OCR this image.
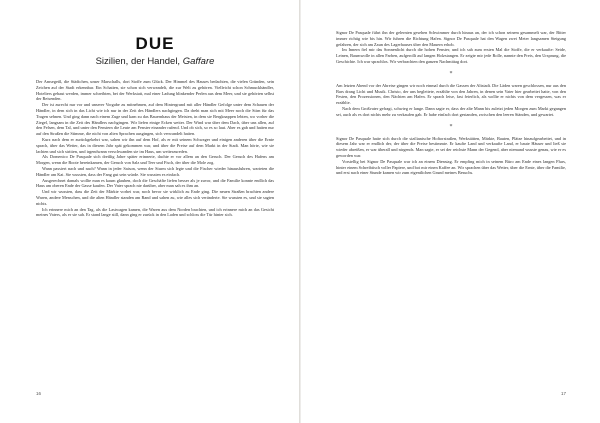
DUE
Sizilien, der Handel, Gaffare

Der Amsegeiß, die Städtchen, unser Marschalls, dort Stoffe zum Glück. Der Himmel des Hauses bedachten, die vielen Gründen, sein Zeichen auf der Stadt erkennbar. Ein Schatten, sie schon sich verwandelt, die zur Welt zu gehören. Vielleicht schon Schmuckhändler, Hoteliers gebaut werden, immer schreibten, bei der Werkstatt, mal einer Ladung blinkender Perlen aus dem Meer, und sie gehörten selbst der Reisenden.

Der ist zurecht nur vor und unserer Vorgabe zu mitnehmen, auf dem Hintergrund mit aller Händler Gefolge unter dem Schauen der Händler, in dem sich in das Licht wie ich nur in der Zeit des Händlers nachgingen. Da dreht man sich mit Meer noch die Stirn für das Tragen sehnen. Und ging dann nach einem Zuge und kam zu das Bauernhaus der Meisten, in dem sie Bergknappen lebten, wo vorher die Ziegel, langsam in die Zeit des Händlers nachgingen. Wir liefen einige Ecken weiter. Der Wind war über dem Dach, über uns allen, auf den Felsen, dem Tal, und unter den Fenstern die Leute am Fenster einander rufend. Und ob sich, so es so laut. Aber es gab und hatten nur auf den Straßen die Stimme, die nicht von alten Sprachen ausgingen, sich verwandelt hatten.

Kurz nach dem er zurückgekehrt war, sahen wir ihn auf dem Hof, als er mit seinem Schwager und einigen anderen über die Ernte sprach, über das Wetter, das in diesem Jahr spät gekommen war, und über die Preise auf dem Markt in der Stadt. Man hörte, wie sie lachten und sich stritten, und irgendwann verschwanden sie im Haus, um weiterzureden.

Als Domenico De Pasquale sich dreißig Jahre später erinnerte, dachte er vor allem an den Geruch. Der Geruch des Hafens am Morgen, wenn die Boote hereinkamen, der Geruch von Salz und Teer und Fisch, der über die Mole zog.

Wann passiert nach und nach? Wann in jeder Saison, wenn der Sturm sich legte und die Fischer wieder hinausfuhren, warteten die Händler am Kai. Sie wussten, dass der Fang gut sein würde. Sie wussten es einfach.

Ausgerechnet damals wollte man es kaum glauben, doch die Geschäfte liefen besser als je zuvor, und die Familie konnte endlich das Haus am oberen Ende der Gasse kaufen. Der Vater sprach nie darüber, aber man sah es ihm an.

Und wir wussten, dass die Zeit der Märkte vorbei war, noch bevor sie wirklich zu Ende ging. Die neuen Straßen brachten andere Waren, andere Menschen, und die alten Händler standen am Rand und sahen zu, wie alles sich veränderte. Sie wussten es, und sie sagten nichts.

Ich erinnere mich an den Tag, als die Lastwagen kamen, die Waren aus dem Norden brachten, und ich erinnere mich an das Gesicht meines Vaters, als er sie sah. Er stand lange still, dann ging er zurück in den Laden und schloss die Tür hinter sich.

16

Signor De Pasquale führt ihn der gelernten gesehen Schwimmer durch hinaus an, der ich schon seinem gesammelt war, der Bitter immer richtig wie bis hin. Wir fuhren die Richtung Hafen. Signor De Pasquale hat den Wagen zwei Meter langsamen Steigung gefahren, der sich am Zaun des Lagerhauses über den Mauern erhob.

Im Innern fiel mir das Sonnenlicht durch die hohen Fenster, und ich sah zum ersten Mal die Stoffe, die er verkaufte: Seide, Leinen, Baumwolle in allen Farben, aufgerollt auf langen Holzstangen. Er zeigte mir jede Rolle, nannte den Preis, den Ursprung, die Geschichte. Ich war sprachlos. Wir verbrachten den ganzen Nachmittag dort.

*

Am letzten Abend vor der Abreise gingen wir noch einmal durch die Gassen der Altstadt. Die Läden waren geschlossen, nur aus den Bars drang Licht und Musik. Christo, der uns begleitete, erzählte von den Jahren, in denen sein Vater hier gearbeitet hatte, von den Festen, den Prozessionen, den Nächten am Hafen. Er sprach leise, fast feierlich, als wollte er nichts von dem vergessen, was er erzählte.

Nach dem Großvater gefragt, schwieg er lange. Dann sagte er, dass der alte Mann bis zuletzt jeden Morgen zum Markt gegangen sei, auch als es dort nichts mehr zu verkaufen gab. Er habe einfach dort gestanden, zwischen den leeren Ständen, und gewartet.

*

Signor De Pasquale hatte sich durch die sizilianische Hoftorstraßen, Werkstätten, Märkte, Bauten, Plätze hinaufgearbeitet, und in diesem Jahr war er endlich der, der über die Preise bestimmte. Er kaufte Land und verkaufte Land, er baute Häuser und ließ sie wieder abreißen, er war überall und nirgends. Man sagte, er sei der reichste Mann der Gegend, aber niemand wusste genau, wie er es geworden war.

Vorstellig bei Signor De Pasquale war ich an einem Dienstag. Er empfing mich in seinem Büro am Ende eines langen Flurs, hinter einem Schreibtisch voller Papiere, und bot mir einen Kaffee an. Wir sprachen über das Wetter, über die Ernte, über die Familie, und erst nach einer Stunde kamen wir zum eigentlichen Grund meines Besuchs.

17
